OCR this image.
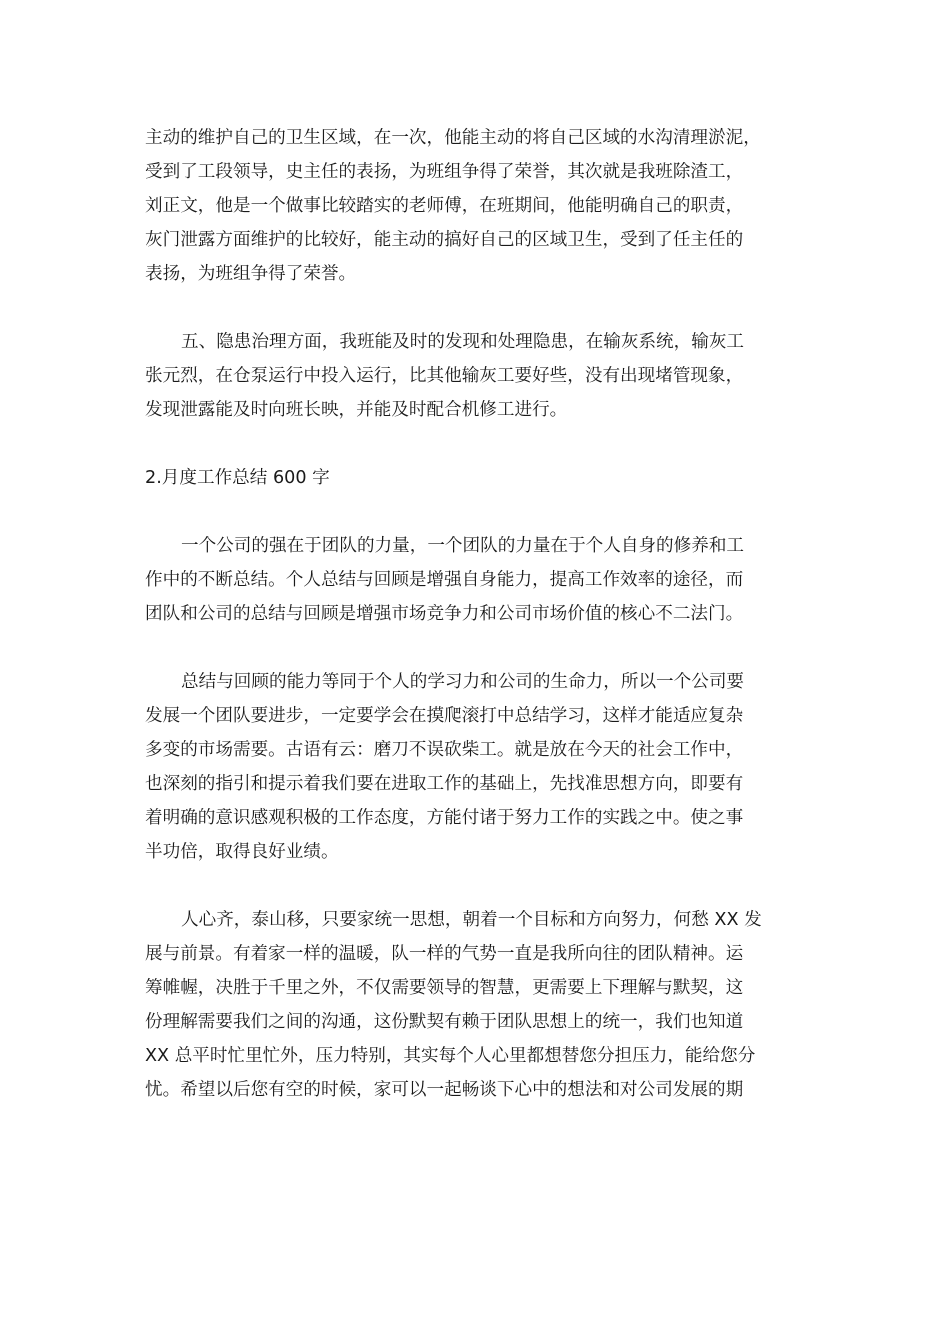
主动的维护自己的卫生区域，在一次，他能主动的将自己区域的水沟清理淤泥，
受到了工段领导，史主任的表扬，为班组争得了荣誉，其次就是我班除渣工，
刘正文，他是一个做事比较踏实的老师傅，在班期间，他能明确自己的职责，
灰门泄露方面维护的比较好，能主动的搞好自己的区域卫生，受到了任主任的
表扬，为班组争得了荣誉。
五、隐患治理方面，我班能及时的发现和处理隐患，在输灰系统，输灰工
张元烈，在仓泵运行中投入运行，比其他输灰工要好些，没有出现堵管现象，
发现泄露能及时向班长映，并能及时配合机修工进行。
2.月度工作总结 600 字
一个公司的强在于团队的力量，一个团队的力量在于个人自身的修养和工
作中的不断总结。个人总结与回顾是增强自身能力，提高工作效率的途径，而
团队和公司的总结与回顾是增强市场竞争力和公司市场价值的核心不二法门。
总结与回顾的能力等同于个人的学习力和公司的生命力，所以一个公司要
发展一个团队要进步，一定要学会在摸爬滚打中总结学习，这样才能适应复杂
多变的市场需要。古语有云：磨刀不误砍柴工。就是放在今天的社会工作中，
也深刻的指引和提示着我们要在进取工作的基础上，先找准思想方向，即要有
着明确的意识感观积极的工作态度，方能付诸于努力工作的实践之中。使之事
半功倍，取得良好业绩。
人心齐，泰山移，只要家统一思想，朝着一个目标和方向努力，何愁 XX 发
展与前景。有着家一样的温暖，队一样的气势一直是我所向往的团队精神。运
筹帷幄，决胜于千里之外，不仅需要领导的智慧，更需要上下理解与默契，这
份理解需要我们之间的沟通，这份默契有赖于团队思想上的统一，我们也知道
XX 总平时忙里忙外，压力特别，其实每个人心里都想替您分担压力，能给您分
忧。希望以后您有空的时候，家可以一起畅谈下心中的想法和对公司发展的期
